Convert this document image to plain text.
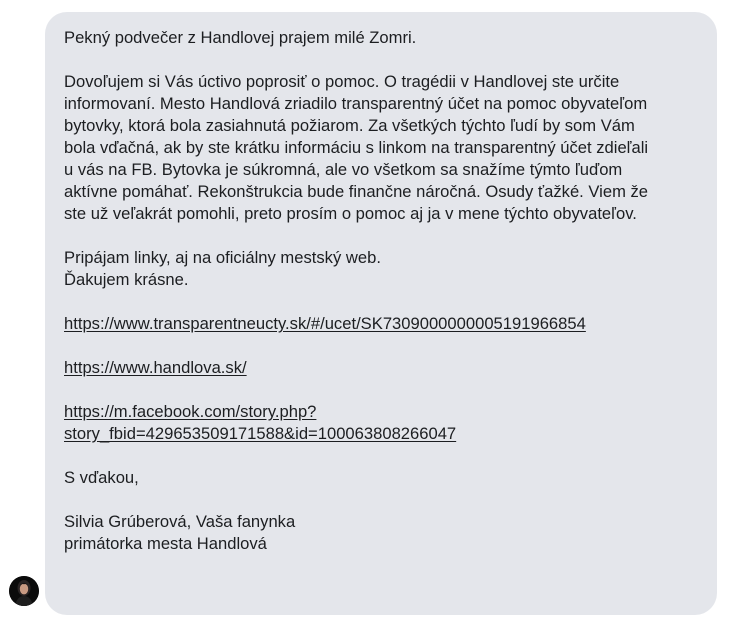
Pekný podvečer z Handlovej prajem milé Zomri.

Dovoľujem si Vás úctivo poprosiť o pomoc. O tragédii v Handlovej ste určite

informovaní. Mesto Handlová zriadilo transparentný účet na pomoc obyvateľom

bytovky, ktorá bola zasiahnutá požiarom. Za všetkých týchto ľudí by som Vám

bola vďačná, ak by ste krátku informáciu s linkom na transparentný účet zdieľali

u vás na FB. Bytovka je súkromná, ale vo všetkom sa snažíme týmto ľuďom

aktívne pomáhať. Rekonštrukcia bude finančne náročná. Osudy ťažké. Viem že

ste už veľakrát pomohli, preto prosím o pomoc aj ja v mene týchto obyvateľov.

Pripájam linky, aj na oficiálny mestský web.

Ďakujem krásne.

https://www.transparentneucty.sk/#/ucet/SK7309000000005191966854

https://www.handlova.sk/

https://m.facebook.com/story.php?

story_fbid=429653509171588&id=100063808266047

S vďakou,

Silvia Grúberová, Vaša fanynka

primátorka mesta Handlová
